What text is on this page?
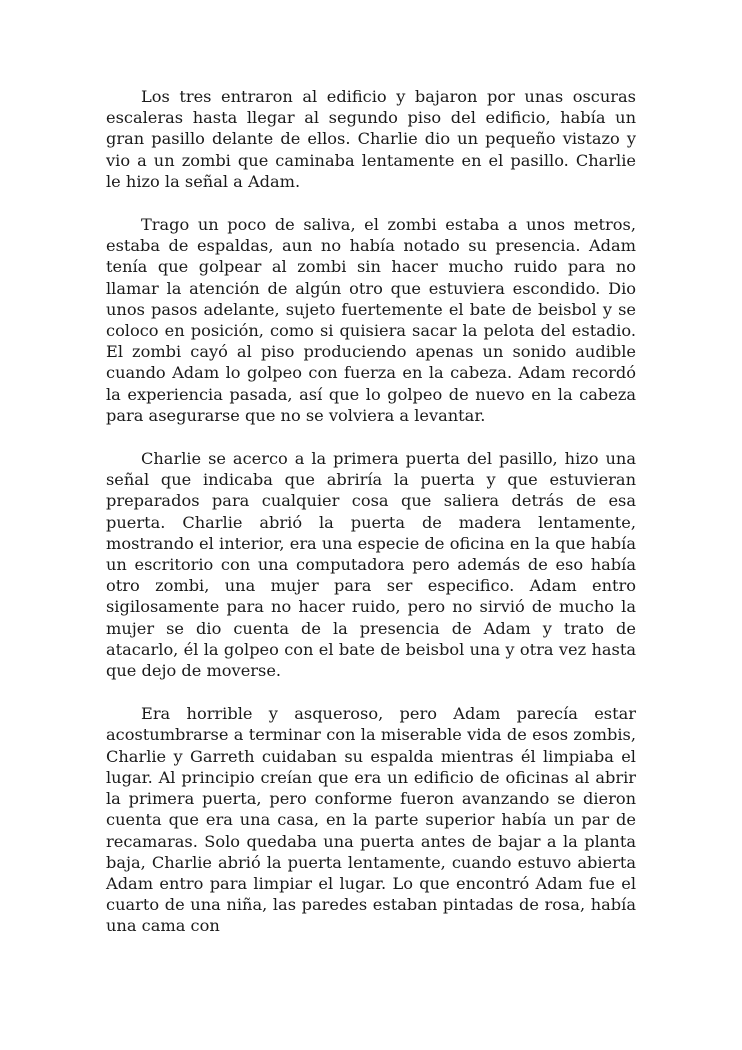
Los tres entraron al edificio y bajaron por unas oscuras escaleras hasta llegar al segundo piso del edificio, había un gran pasillo delante de ellos. Charlie dio un pequeño vistazo y vio a un zombi que caminaba lentamente en el pasillo. Charlie le hizo la señal a Adam.

Trago un poco de saliva, el zombi estaba a unos metros, estaba de espaldas, aun no había notado su presencia. Adam tenía que golpear al zombi sin hacer mucho ruido para no llamar la atención de algún otro que estuviera escondido. Dio unos pasos adelante, sujeto fuertemente el bate de beisbol y se coloco en posición, como si quisiera sacar la pelota del estadio. El zombi cayó al piso produciendo apenas un sonido audible cuando Adam lo golpeo con fuerza en la cabeza. Adam recordó la experiencia pasada, así que lo golpeo de nuevo en la cabeza para asegurarse que no se volviera a levantar.

Charlie se acerco a la primera puerta del pasillo, hizo una señal que indicaba que abriría la puerta y que estuvieran preparados para cualquier cosa que saliera detrás de esa puerta. Charlie abrió la puerta de madera lentamente, mostrando el interior, era una especie de oficina en la que había un escritorio con una computadora pero además de eso había otro zombi, una mujer para ser especifico. Adam entro sigilosamente para no hacer ruido, pero no sirvió de mucho la mujer se dio cuenta de la presencia de Adam y trato de atacarlo, él la golpeo con el bate de beisbol una y otra vez hasta que dejo de moverse.

Era horrible y asqueroso, pero Adam parecía estar acostumbrarse a terminar con la miserable vida de esos zombis, Charlie y Garreth cuidaban su espalda mientras él limpiaba el lugar. Al principio creían que era un edificio de oficinas al abrir la primera puerta, pero conforme fueron avanzando se dieron cuenta que era una casa, en la parte superior había un par de recamaras. Solo quedaba una puerta antes de bajar a la planta baja, Charlie abrió la puerta lentamente, cuando estuvo abierta Adam entro para limpiar el lugar. Lo que encontró Adam fue el cuarto de una niña, las paredes estaban pintadas de rosa, había una cama con
